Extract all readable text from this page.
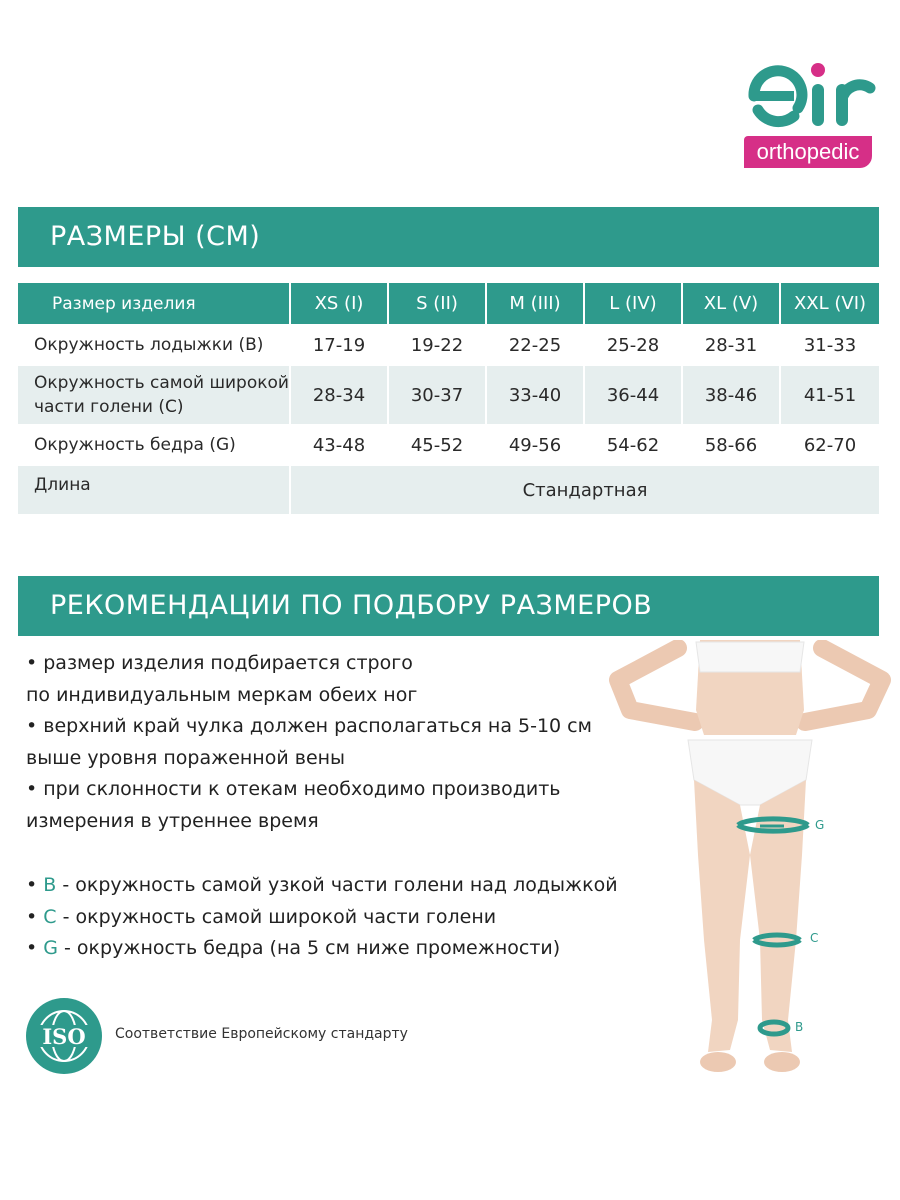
orthopedic
РАЗМЕРЫ (СМ)
Размер изделия	XS (I)	S (II)	M (III)	L (IV)	XL (V)	XXL (VI)
Окружность лодыжки (B)	17-19	19-22	22-25	25-28	28-31	31-33
Окружность самой широкой части голени (C)	28-34	30-37	33-40	36-44	38-46	41-51
Окружность бедра (G)	43-48	45-52	49-56	54-62	58-66	62-70
Длина	Стандартная					
РЕКОМЕНДАЦИИ ПО ПОДБОРУ РАЗМЕРОВ

• размер изделия подбирается строго

по индивидуальным меркам обеих ног

• верхний край чулка должен располагаться на 5-10 см

выше уровня пораженной вены

• при склонности к отекам необходимо производить

измерения в утреннее время

• B - окружность самой узкой части голени над лодыжкой

• C - окружность самой широкой части голени

• G - окружность бедра (на 5 см ниже промежности)

ISO Соответствие Европейскому стандарту
G
C
B
